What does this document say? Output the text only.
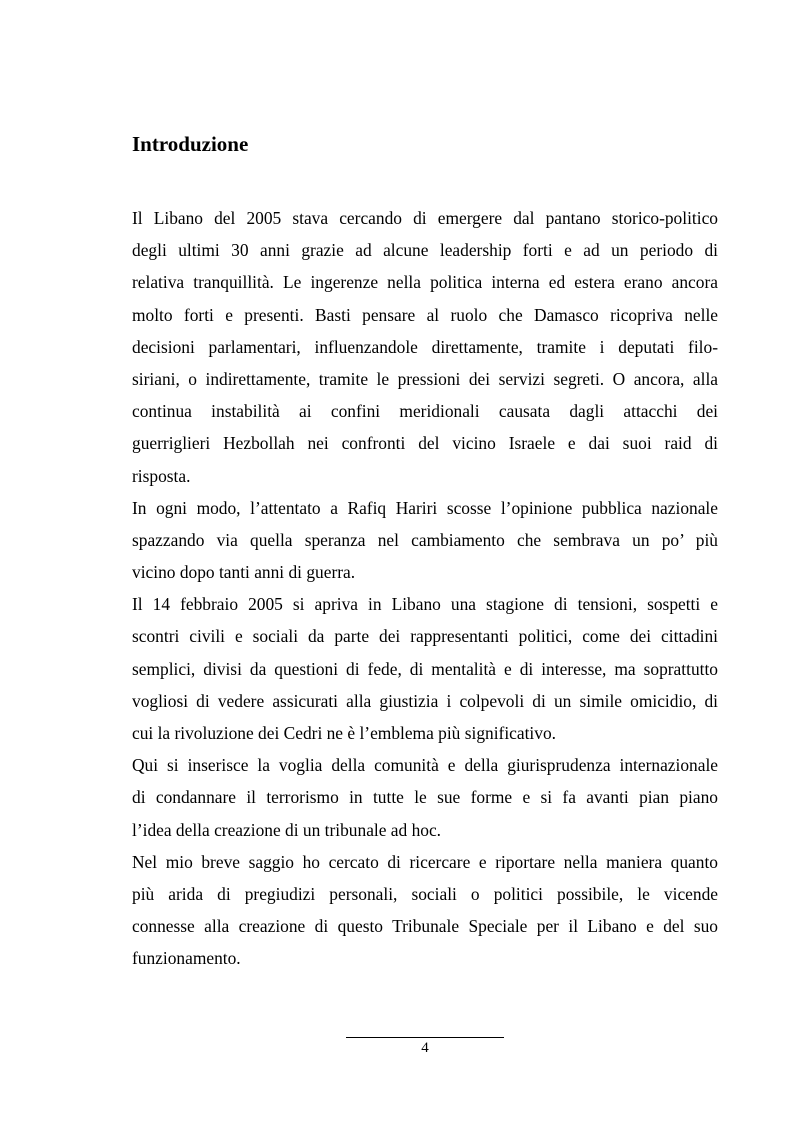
Introduzione
Il Libano del 2005 stava cercando di emergere dal pantano storico-politico
degli ultimi 30 anni grazie ad alcune leadership forti e ad un periodo di
relativa tranquillità. Le ingerenze nella politica interna ed estera erano ancora
molto forti e presenti. Basti pensare al ruolo che Damasco ricopriva nelle
decisioni parlamentari, influenzandole direttamente, tramite i deputati filo-
siriani, o indirettamente, tramite le pressioni dei servizi segreti. O ancora, alla
continua instabilità ai confini meridionali causata dagli attacchi dei
guerriglieri Hezbollah nei confronti del vicino Israele e dai suoi raid di
risposta.
In ogni modo, l’attentato a Rafiq Hariri scosse l’opinione pubblica nazionale
spazzando via quella speranza nel cambiamento che sembrava un po’ più
vicino dopo tanti anni di guerra.
Il 14 febbraio 2005 si apriva in Libano una stagione di tensioni, sospetti e
scontri civili e sociali da parte dei rappresentanti politici, come dei cittadini
semplici, divisi da questioni di fede, di mentalità e di interesse, ma soprattutto
vogliosi di vedere assicurati alla giustizia i colpevoli di un simile omicidio, di
cui la rivoluzione dei Cedri ne è l’emblema più significativo.
Qui si inserisce la voglia della comunità e della giurisprudenza internazionale
di condannare il terrorismo in tutte le sue forme e si fa avanti pian piano
l’idea della creazione di un tribunale ad hoc.
Nel mio breve saggio ho cercato di ricercare e riportare nella maniera quanto
più arida di pregiudizi personali, sociali o politici possibile, le vicende
connesse alla creazione di questo Tribunale Speciale per il Libano e del suo
funzionamento.
4
